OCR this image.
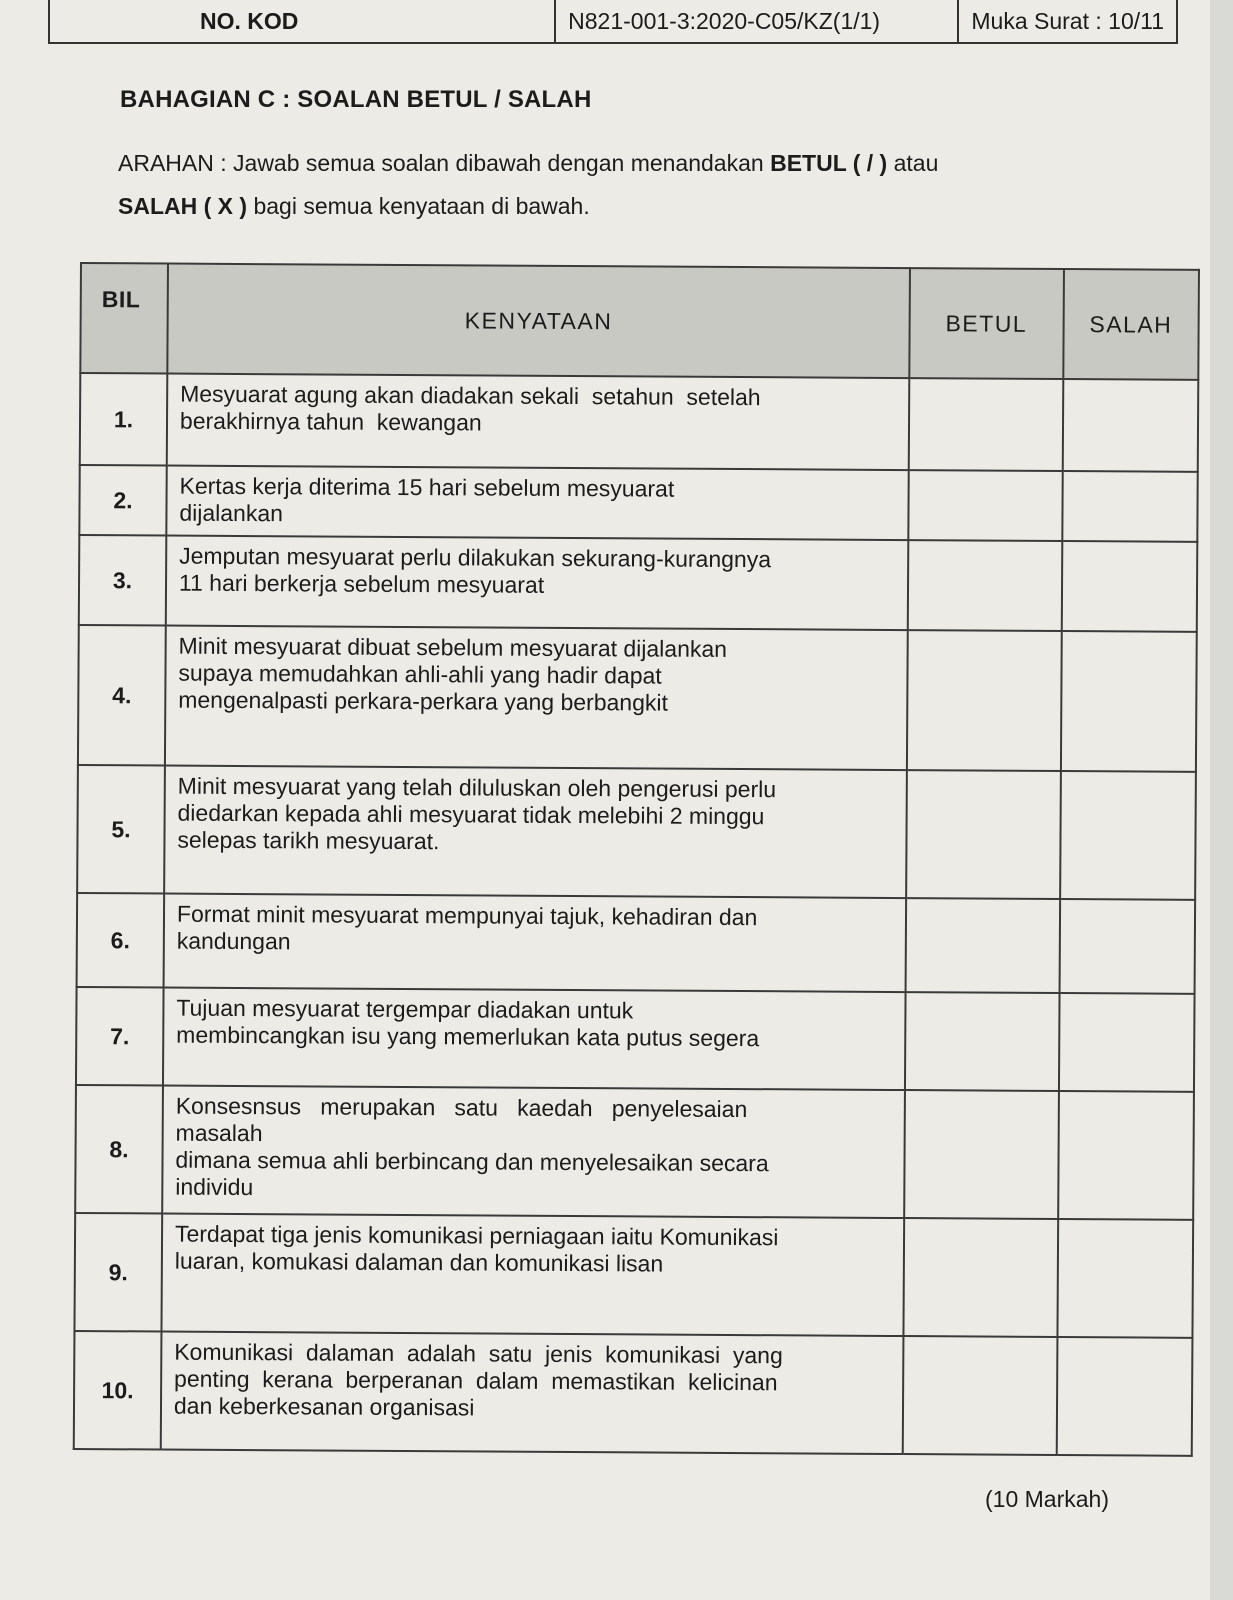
NO. KOD	N821-001-3:2020-C05/KZ(1/1)	Muka Surat : 10/11
BAHAGIAN C : SOALAN BETUL / SALAH
ARAHAN : Jawab semua soalan dibawah dengan menandakan BETUL ( / ) atau
SALAH ( X ) bagi semua kenyataan di bawah.
BIL	KENYATAAN	BETUL	SALAH
1.	Mesyuarat agung akan diadakan sekali  setahun  setelah
berakhirnya tahun  kewangan		

2.	Kertas kerja diterima 15 hari sebelum mesyuarat
dijalankan		

3.	Jemputan mesyuarat perlu dilakukan sekurang-kurangnya
11 hari berkerja sebelum mesyuarat		

4.	Minit mesyuarat dibuat sebelum mesyuarat dijalankan
supaya memudahkan ahli-ahli yang hadir dapat
mengenalpasti perkara-perkara yang berbangkit		

5.	Minit mesyuarat yang telah diluluskan oleh pengerusi perlu
diedarkan kepada ahli mesyuarat tidak melebihi 2 minggu
selepas tarikh mesyuarat.		

6.	Format minit mesyuarat mempunyai tajuk, kehadiran dan
kandungan		

7.	Tujuan mesyuarat tergempar diadakan untuk
membincangkan isu yang memerlukan kata putus segera		

8.	Konsesnsus   merupakan   satu   kaedah   penyelesaian
masalah
dimana semua ahli berbincang dan menyelesaikan secara
individu		

9.	Terdapat tiga jenis komunikasi perniagaan iaitu Komunikasi
luaran, komukasi dalaman dan komunikasi lisan		

10.	Komunikasi  dalaman  adalah  satu  jenis  komunikasi  yang
penting  kerana  berperanan  dalam  memastikan  kelicinan
dan keberkesanan organisasi		

(10 Markah)
